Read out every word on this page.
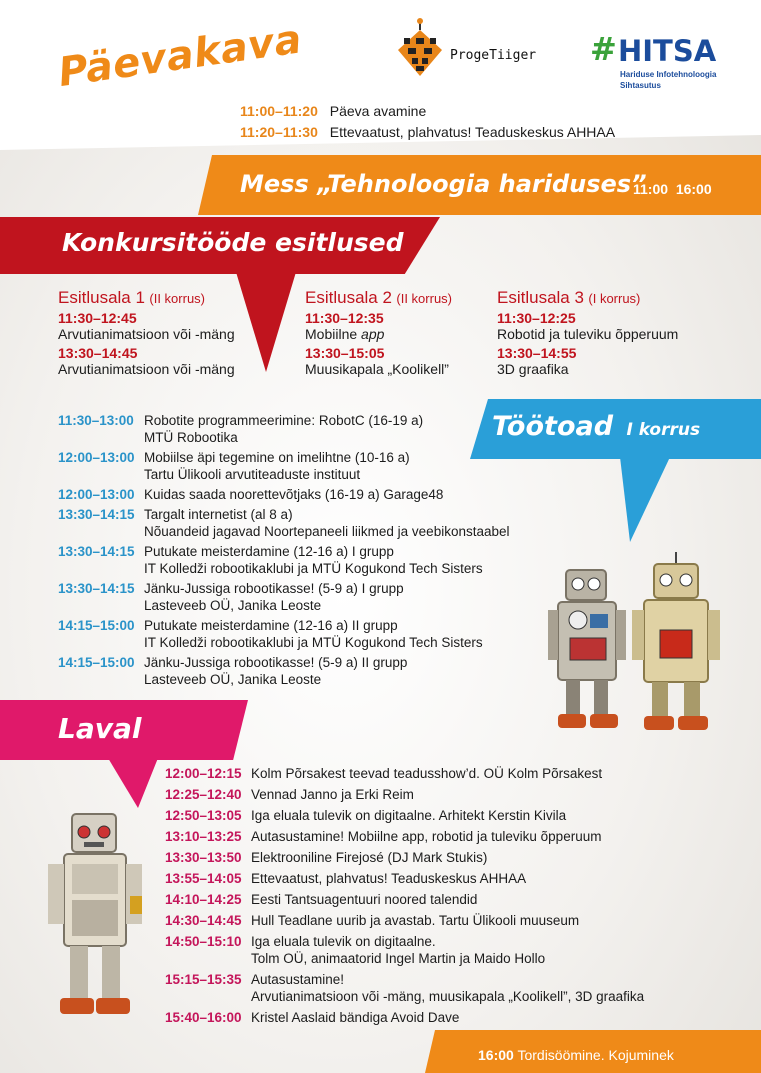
Päevakava	ProgeTiiger # HITSA
Hariduse Infotehnoloogia
Sihtasutus
11:00–11:20 Päeva avamine
11:20–11:30 Ettevaatust, plahvatus! Teaduskeskus AHHAA
Mess „Tehnoloogia hariduses”
11:00  16:00
Konkursitööde esitlused
Esitlusala 1 (II korrus)
11:30–12:45
Arvutianimatsioon või -mäng
13:30–14:45
Arvutianimatsioon või -mäng
Esitlusala 2 (II korrus)
11:30–12:35
Mobiilne app
13:30–15:05
Muusikapala „Koolikell”
Esitlusala 3 (I korrus)
11:30–12:25
Robotid ja tuleviku õpperuum
13:30–14:55
3D graafika
Töötoad I korrus
11:30–13:00 Robotite programmeerimine: RobotC (16-19 a)
MTÜ Robootika
12:00–13:00 Mobiilse äpi tegemine on imelihtne (10-16 a)
Tartu Ülikooli arvutiteaduste instituut
12:00–13:00 Kuidas saada noorettevõtjaks (16-19 a) Garage48
13:30–14:15 Targalt internetist (al 8 a)
Nõuandeid jagavad Noortepaneeli liikmed ja veebikonstaabel
13:30–14:15 Putukate meisterdamine (12-16 a) I grupp
IT Kolledži robootikaklubi ja MTÜ Kogukond Tech Sisters
13:30–14:15 Jänku-Jussiga robootikasse! (5-9 a) I grupp
Lasteveeb OÜ, Janika Leoste
14:15–15:00 Putukate meisterdamine (12-16 a) II grupp
IT Kolledži robootikaklubi ja MTÜ Kogukond Tech Sisters
14:15–15:00 Jänku-Jussiga robootikasse! (5-9 a) II grupp
Lasteveeb OÜ, Janika Leoste
Laval
12:00–12:15 Kolm Põrsakest teevad teadusshow’d. OÜ Kolm Põrsakest
12:25–12:40 Vennad Janno ja Erki Reim
12:50–13:05 Iga eluala tulevik on digitaalne. Arhitekt Kerstin Kivila
13:10–13:25 Autasustamine! Mobiilne app, robotid ja tuleviku õpperuum
13:30–13:50 Elektrooniline Firejosé (DJ Mark Stukis)
13:55–14:05 Ettevaatust, plahvatus! Teaduskeskus AHHAA
14:10–14:25 Eesti Tantsuagentuuri noored talendid
14:30–14:45 Hull Teadlane uurib ja avastab. Tartu Ülikooli muuseum
14:50–15:10 Iga eluala tulevik on digitaalne.
Tolm OÜ, animaatorid Ingel Martin ja Maido Hollo
15:15–15:35 Autasustamine!
Arvutianimatsioon või -mäng, muusikapala „Koolikell”, 3D graafika
15:40–16:00 Kristel Aaslaid bändiga Avoid Dave
16:00 Tordisöömine. Kojuminek
